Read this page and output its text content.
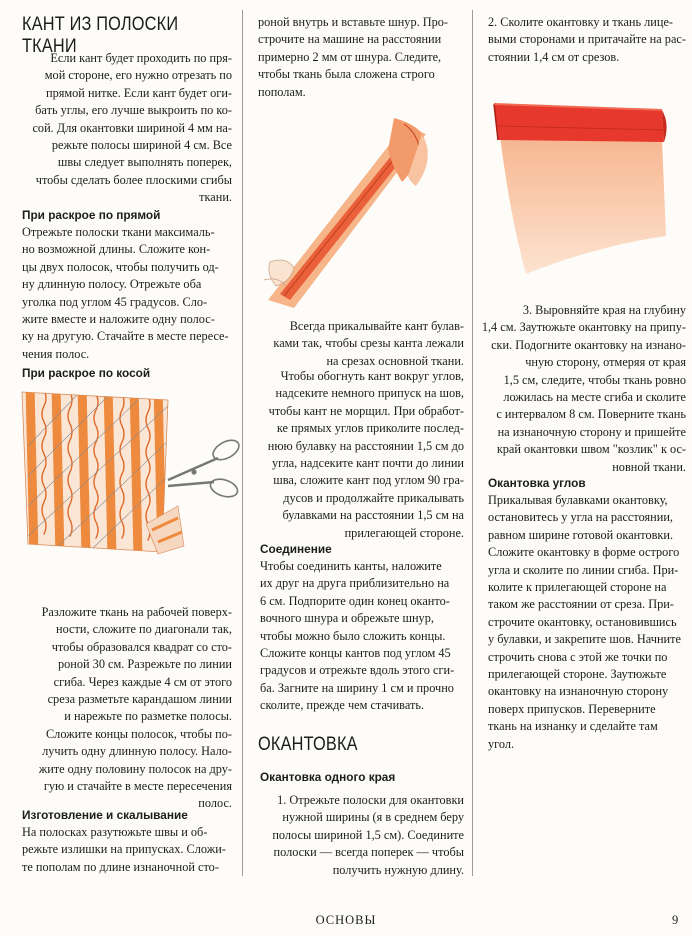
КАНТ ИЗ ПОЛОСКИ ТКАНИ
Если кант будет проходить по пря-
мой стороне, его нужно отрезать по
прямой нитке. Если кант будет оги-
бать углы, его лучше выкроить по ко-
сой. Для окантовки шириной 4 мм на-
режьте полосы шириной 4 см. Все
швы следует выполнять поперек,
чтобы сделать более плоскими сгибы
ткани.
При раскрое по прямой
Отрежьте полоски ткани максималь-
но возможной длины. Сложите кон-
цы двух полосок, чтобы получить од-
ну длинную полосу. Отрежьте оба
уголка под углом 45 градусов. Сло-
жите вместе и наложите одну полос-
ку на другую. Стачайте в месте пересе-
чения полос.
При раскрое по косой
Разложите ткань на рабочей поверх-
ности, сложите по диагонали так,
чтобы образовался квадрат со сто-
роной 30 см. Разрежьте по линии
сгиба. Через каждые 4 см от этого
среза разметьте карандашом линии
и нарежьте по разметке полосы.
Сложите концы полосок, чтобы по-
лучить одну длинную полосу. Нало-
жите одну половину полосок на дру-
гую и стачайте в месте пересечения
полос.
Изготовление и скалывание
На полосках разутюжьте швы и об-
режьте излишки на припусках. Сложи-
те пополам по длине изнаночной сто-
роной внутрь и вставьте шнур. Про-
строчите на машине на расстоянии
примерно 2 мм от шнура. Следите,
чтобы ткань была сложена строго
пополам.
Всегда прикалывайте кант булав-
ками так, чтобы срезы канта лежали
на срезах основной ткани.
Чтобы обогнуть кант вокруг углов,
надсеките немного припуск на шов,
чтобы кант не морщил. При обработ-
ке прямых углов приколите послед-
нюю булавку на расстоянии 1,5 см до
угла, надсеките кант почти до линии
шва, сложите кант под углом 90 гра-
дусов и продолжайте прикалывать
булавками на расстоянии 1,5 см на
прилегающей стороне.
Соединение
Чтобы соединить канты, наложите
их друг на друга приблизительно на
6 см. Подпорите один конец оканто-
вочного шнура и обрежьте шнур,
чтобы можно было сложить концы.
Сложите концы кантов под углом 45
градусов и отрежьте вдоль этого сги-
ба. Загните на ширину 1 см и прочно
сколите, прежде чем стачивать.
ОКАНТОВКА
Окантовка одного края
1. Отрежьте полоски для окантовки
нужной ширины (я в среднем беру
полосы шириной 1,5 см). Соедините
полоски — всегда поперек — чтобы
получить нужную длину.
2. Сколите окантовку и ткань лице-
выми сторонами и притачайте на рас-
стоянии 1,4 см от срезов.
3. Выровняйте края на глубину
1,4 см. Заутюжьте окантовку на припу-
ски. Подогните окантовку на изнано-
чную сторону, отмеряя от края
1,5 см, следите, чтобы ткань ровно
ложилась на месте сгиба и сколите
с интервалом 8 см. Поверните ткань
на изнаночную сторону и пришейте
край окантовки швом "козлик" к ос-
новной ткани.
Окантовка углов
Прикалывая булавками окантовку,
остановитесь у угла на расстоянии,
равном ширине готовой окантовки.
Сложите окантовку в форме острого
угла и сколите по линии сгиба. При-
колите к прилегающей стороне на
таком же расстоянии от среза. При-
строчите окантовку, остановившись
у булавки, и закрепите шов. Начните
строчить снова с этой же точки по
прилегающей стороне. Заутюжьте
окантовку на изнаночную сторону
поверх припусков. Переверните
ткань на изнанку и сделайте там
угол.
ОСНОВЫ	9
